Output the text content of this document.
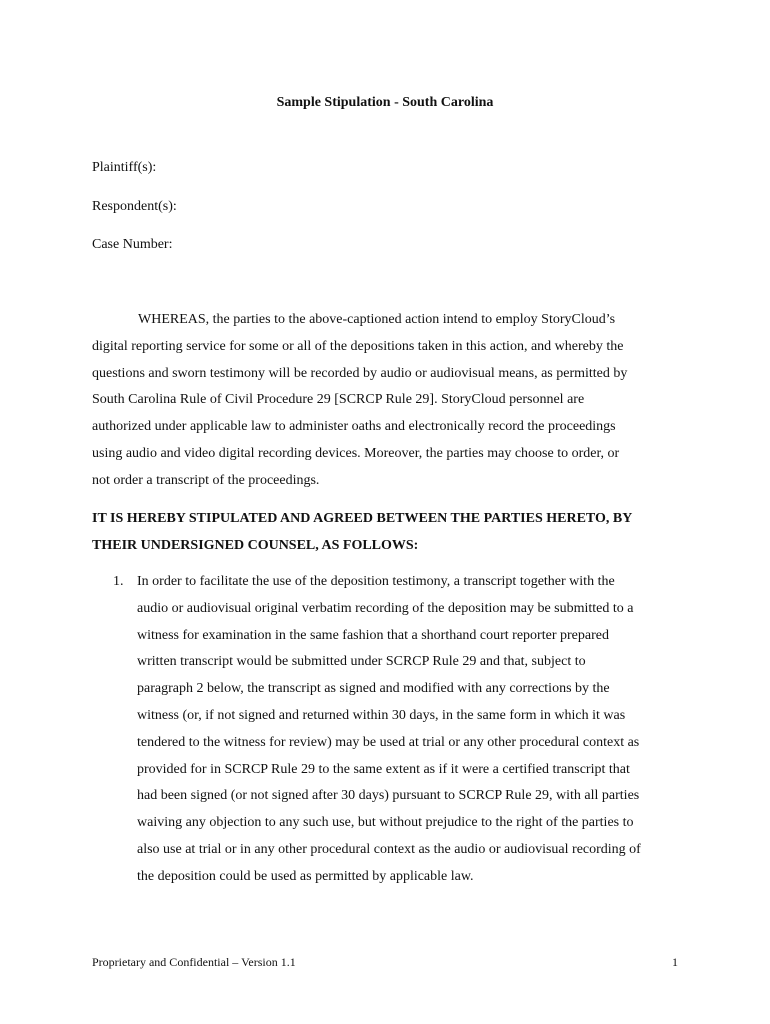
Sample Stipulation - South Carolina
Plaintiff(s):
Respondent(s):
Case Number:
WHEREAS, the parties to the above-captioned action intend to employ StoryCloud’s
digital reporting service for some or all of the depositions taken in this action, and whereby the
questions and sworn testimony will be recorded by audio or audiovisual means, as permitted by
South Carolina Rule of Civil Procedure 29 [SCRCP Rule 29]. StoryCloud personnel are
authorized under applicable law to administer oaths and electronically record the proceedings
using audio and video digital recording devices. Moreover, the parties may choose to order, or
not order a transcript of the proceedings.
IT IS HEREBY STIPULATED AND AGREED BETWEEN THE PARTIES HERETO, BY
THEIR UNDERSIGNED COUNSEL, AS FOLLOWS:
1. In order to facilitate the use of the deposition testimony, a transcript together with the
audio or audiovisual original verbatim recording of the deposition may be submitted to a
witness for examination in the same fashion that a shorthand court reporter prepared
written transcript would be submitted under SCRCP Rule 29 and that, subject to
paragraph 2 below, the transcript as signed and modified with any corrections by the
witness (or, if not signed and returned within 30 days, in the same form in which it was
tendered to the witness for review) may be used at trial or any other procedural context as
provided for in SCRCP Rule 29 to the same extent as if it were a certified transcript that
had been signed (or not signed after 30 days) pursuant to SCRCP Rule 29, with all parties
waiving any objection to any such use, but without prejudice to the right of the parties to
also use at trial or in any other procedural context as the audio or audiovisual recording of
the deposition could be used as permitted by applicable law.
Proprietary and Confidential – Version 1.1	1
